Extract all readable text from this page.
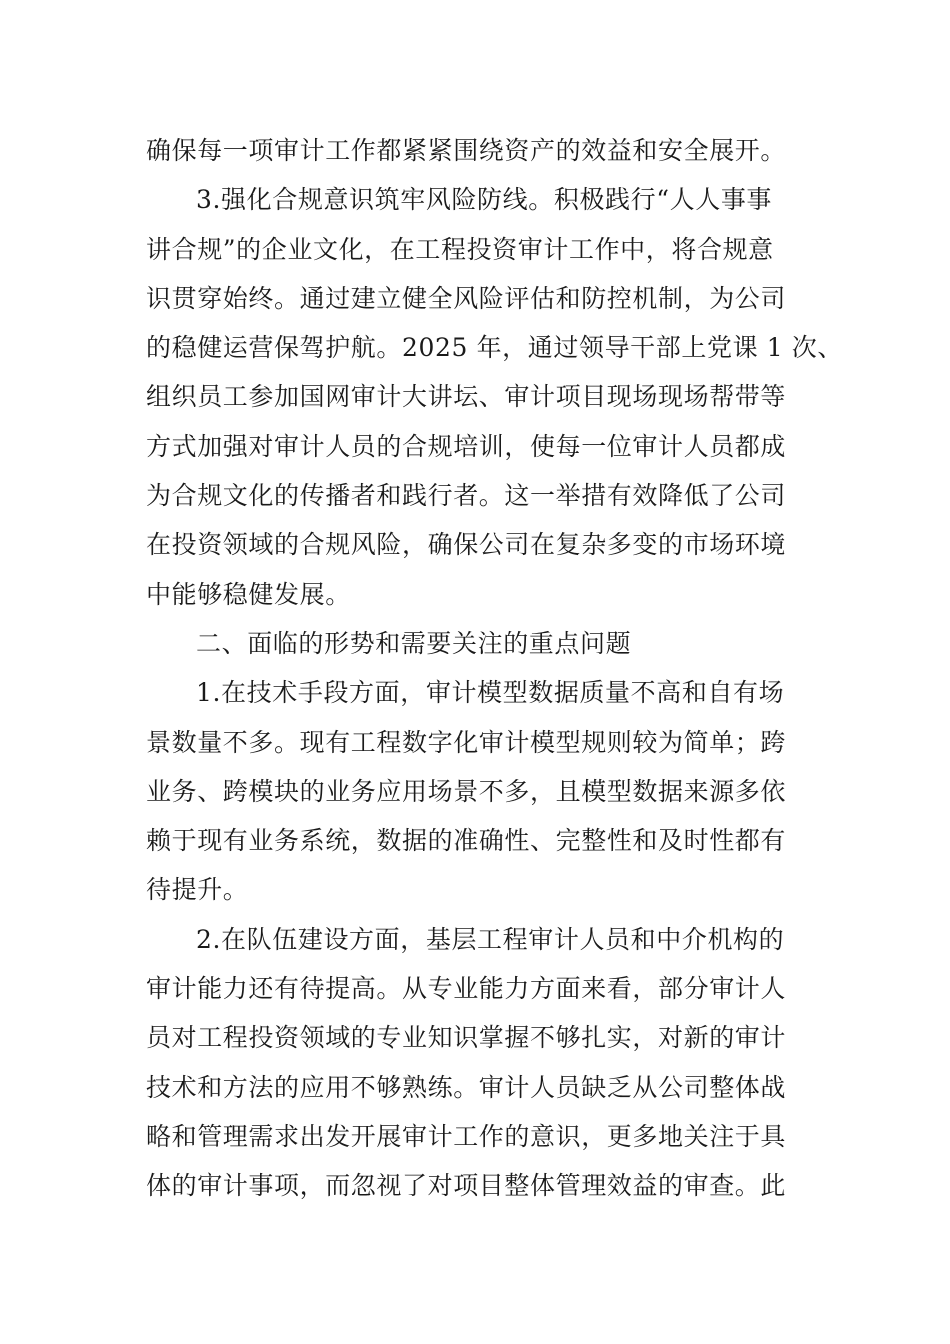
确保每一项审计工作都紧紧围绕资产的效益和安全展开。
3.强化合规意识筑牢风险防线。积极践行“人人事事
讲合规”的企业文化，在工程投资审计工作中，将合规意
识贯穿始终。通过建立健全风险评估和防控机制，为公司
的稳健运营保驾护航。2025 年，通过领导干部上党课 1 次、
组织员工参加国网审计大讲坛、审计项目现场现场帮带等
方式加强对审计人员的合规培训，使每一位审计人员都成
为合规文化的传播者和践行者。这一举措有效降低了公司
在投资领域的合规风险，确保公司在复杂多变的市场环境
中能够稳健发展。
二、面临的形势和需要关注的重点问题
1.在技术手段方面，审计模型数据质量不高和自有场
景数量不多。现有工程数字化审计模型规则较为简单；跨
业务、跨模块的业务应用场景不多，且模型数据来源多依
赖于现有业务系统，数据的准确性、完整性和及时性都有
待提升。
2.在队伍建设方面，基层工程审计人员和中介机构的
审计能力还有待提高。从专业能力方面来看，部分审计人
员对工程投资领域的专业知识掌握不够扎实，对新的审计
技术和方法的应用不够熟练。审计人员缺乏从公司整体战
略和管理需求出发开展审计工作的意识，更多地关注于具
体的审计事项，而忽视了对项目整体管理效益的审查。此
